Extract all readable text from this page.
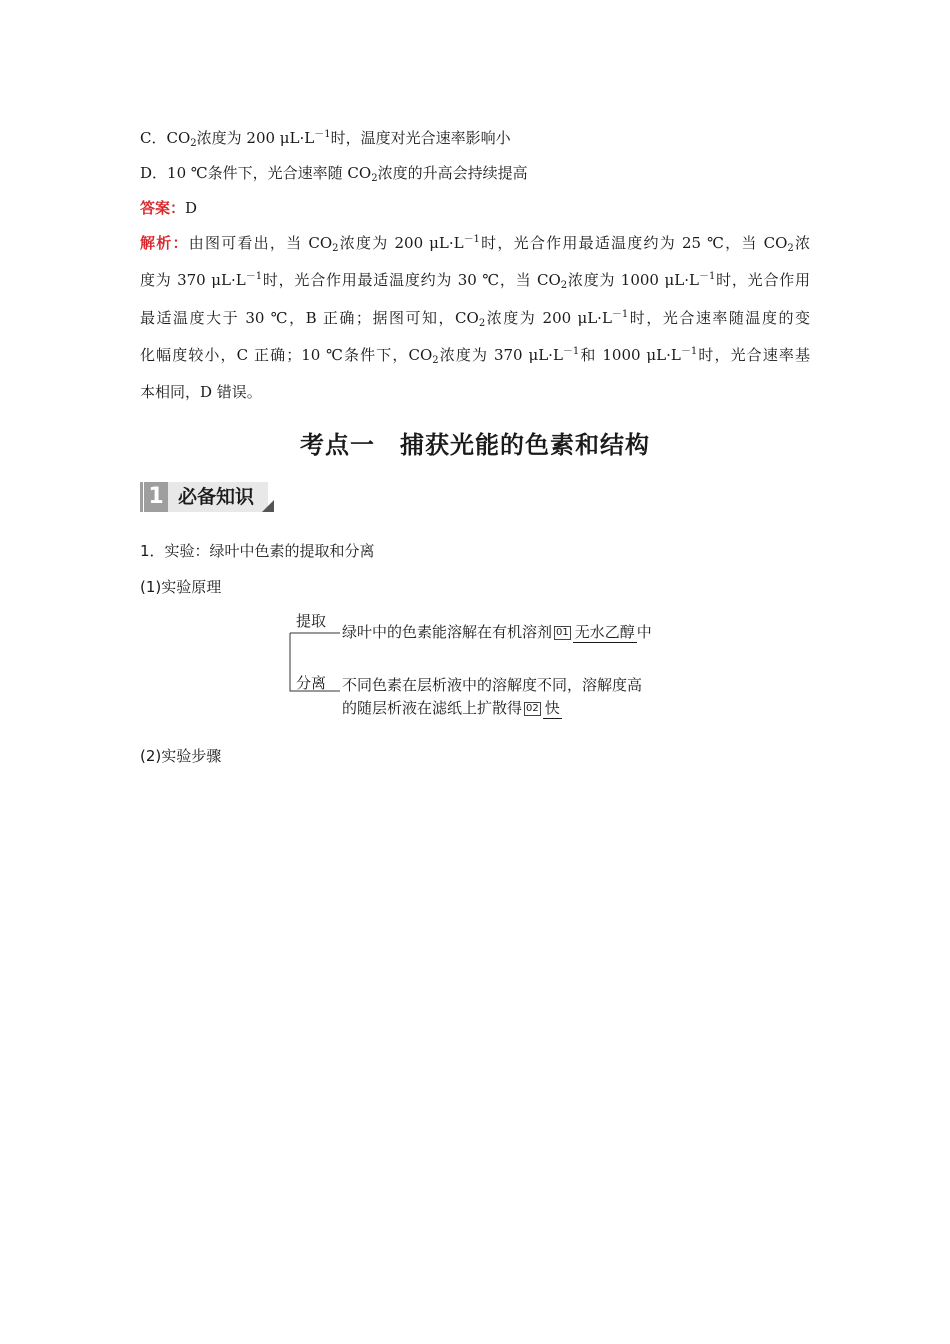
C．$CO_2$浓度为 200 $\mu L\cdot L^{-1}$时，温度对光合速率影响小
D．10 ℃条件下，光合速率随 $CO_2$浓度的升高会持续提高
答案：D
解析：由图可看出，当 $CO_2$浓度为 200 $\mu L\cdot L^{-1}$时，光合作用最适温度约为 25 ℃，当 $CO_2$浓
度为 370 $\mu L\cdot L^{-1}$时，光合作用最适温度约为 30 ℃，当 $CO_2$浓度为 1000 $\mu L\cdot L^{-1}$时，光合作用
最适温度大于 30 ℃，B 正确；据图可知，$CO_2$浓度为 200 $\mu L\cdot L^{-1}$时，光合速率随温度的变
化幅度较小，C 正确；10 ℃条件下，$CO_2$浓度为 370 $\mu L\cdot L^{-1}$和 1000 $\mu L\cdot L^{-1}$时，光合速率基
本相同，D 错误。
考点一　捕获光能的色素和结构
1 必备知识
1．实验：绿叶中色素的提取和分离
(1)实验原理
提取
绿叶中的色素能溶解在有机溶剂 01 无水乙醇 中
分离 不同色素在层析液中的溶解度不同，溶解度高
的随层析液在滤纸上扩散得 02 快
(2)实验步骤
